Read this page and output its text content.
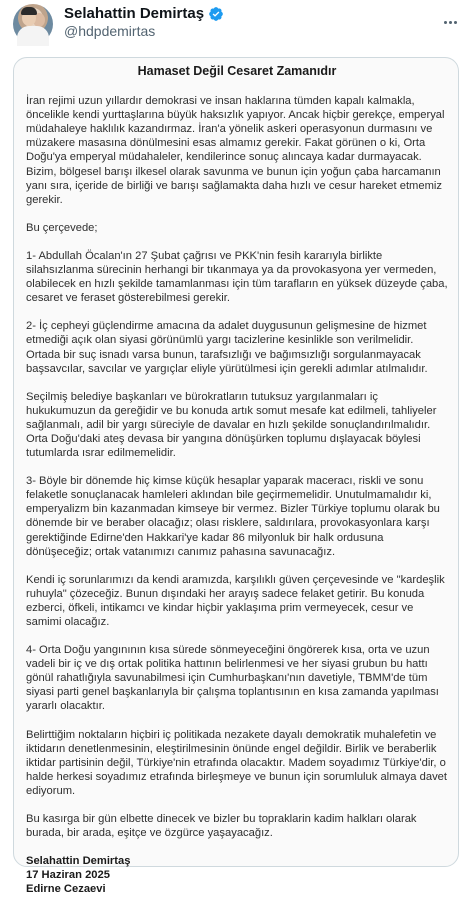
Selahattin Demirtaş
@hdpdemirtas
Hamaset Değil Cesaret Zamanıdır

İran rejimi uzun yıllardır demokrasi ve insan haklarına tümden kapalı kalmakla, öncelikle kendi yurttaşlarına büyük haksızlık yapıyor. Ancak hiçbir gerekçe, emperyal müdahaleye haklılık kazandırmaz. İran'a yönelik askeri operasyonun durmasını ve müzakere masasına dönülmesini esas almamız gerekir. Fakat görünen o ki, Orta Doğu'ya emperyal müdahaleler, kendilerince sonuç alıncaya kadar durmayacak. Bizim, bölgesel barışı ilkesel olarak savunma ve bunun için yoğun çaba harcamanın yanı sıra, içeride de birliği ve barışı sağlamakta daha hızlı ve cesur hareket etmemiz gerekir.

Bu çerçevede;

1- Abdullah Öcalan'ın 27 Şubat çağrısı ve PKK'nin fesih kararıyla birlikte silahsızlanma sürecinin herhangi bir tıkanmaya ya da provokasyona yer vermeden, olabilecek en hızlı şekilde tamamlanması için tüm tarafların en yüksek düzeyde çaba, cesaret ve feraset gösterebilmesi gerekir.

2- İç cepheyi güçlendirme amacına da adalet duygusunun gelişmesine de hizmet etmediği açık olan siyasi görünümlü yargı tacizlerine kesinlikle son verilmelidir. Ortada bir suç isnadı varsa bunun, tarafsızlığı ve bağımsızlığı sorgulanmayacak başsavcılar, savcılar ve yargıçlar eliyle yürütülmesi için gerekli adımlar atılmalıdır.

Seçilmiş belediye başkanları ve bürokratların tutuksuz yargılanmaları iç hukukumuzun da gereğidir ve bu konuda artık somut mesafe kat edilmeli, tahliyeler sağlanmalı, adil bir yargı süreciyle de davalar en hızlı şekilde sonuçlandırılmalıdır. Orta Doğu'daki ateş devasa bir yangına dönüşürken toplumu dışlayacak böylesi tutumlarda ısrar edilmemelidir.

3- Böyle bir dönemde hiç kimse küçük hesaplar yaparak maceracı, riskli ve sonu felaketle sonuçlanacak hamleleri aklından bile geçirmemelidir. Unutulmamalıdır ki, emperyalizm bin kazanmadan kimseye bir vermez. Bizler Türkiye toplumu olarak bu dönemde bir ve beraber olacağız; olası risklere, saldırılara, provokasyonlara karşı gerektiğinde Edirne'den Hakkari'ye kadar 86 milyonluk bir halk ordusuna dönüşeceğiz; ortak vatanımızı canımız pahasına savunacağız.

Kendi iç sorunlarımızı da kendi aramızda, karşılıklı güven çerçevesinde ve "kardeşlik ruhuyla" çözeceğiz. Bunun dışındaki her arayış sadece felaket getirir. Bu konuda ezberci, öfkeli, intikamcı ve kindar hiçbir yaklaşıma prim vermeyecek, cesur ve samimi olacağız.

4- Orta Doğu yangınının kısa sürede sönmeyeceğini öngörerek kısa, orta ve uzun vadeli bir iç ve dış ortak politika hattının belirlenmesi ve her siyasi grubun bu hattı gönül rahatlığıyla savunabilmesi için Cumhurbaşkanı'nın davetiyle, TBMM'de tüm siyasi parti genel başkanlarıyla bir çalışma toplantısının en kısa zamanda yapılması yararlı olacaktır.

Belirttiğim noktaların hiçbiri iç politikada nezakete dayalı demokratik muhalefetin ve iktidarın denetlenmesinin, eleştirilmesinin önünde engel değildir. Birlik ve beraberlik iktidar partisinin değil, Türkiye'nin etrafında olacaktır. Madem soyadımız Türkiye'dir, o halde herkesi soyadımız etrafında birleşmeye ve bunun için sorumluluk almaya davet ediyorum.

Bu kasırga bir gün elbette dinecek ve bizler bu topraklarin kadim halkları olarak burada, bir arada, eşitçe ve özgürce yaşayacağız.

Selahattin Demirtaş

17 Haziran 2025

Edirne Cezaevi
